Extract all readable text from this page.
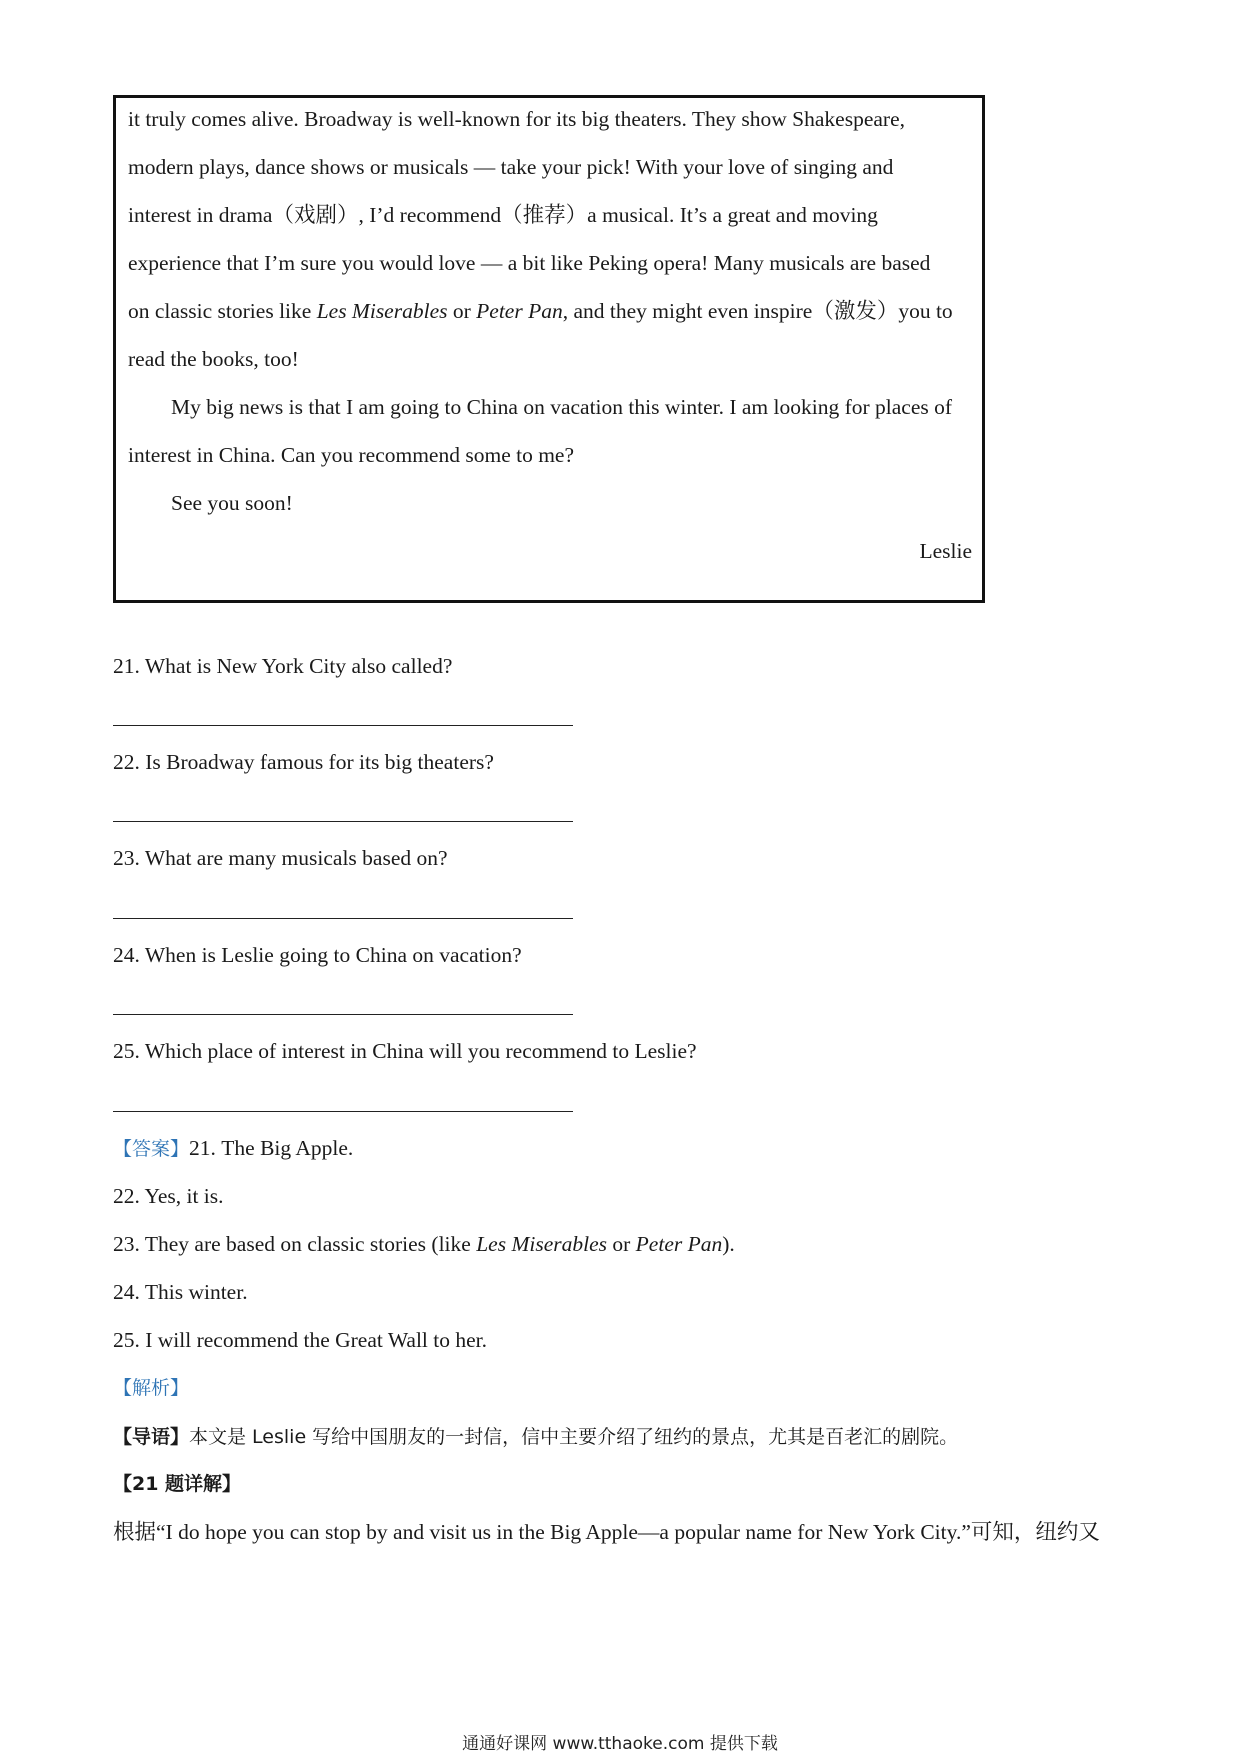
it truly comes alive. Broadway is well-known for its big theaters. They show Shakespeare,
modern plays, dance shows or musicals — take your pick! With your love of singing and
interest in drama（戏剧）, I’d recommend（推荐）a musical. It’s a great and moving
experience that I’m sure you would love — a bit like Peking opera! Many musicals are based
on classic stories like Les Miserables or Peter Pan, and they might even inspire（激发）you to
read the books, too!
My big news is that I am going to China on vacation this winter. I am looking for places of
interest in China. Can you recommend some to me?
See you soon!
Leslie
21. What is New York City also called?
22. Is Broadway famous for its big theaters?
23. What are many musicals based on?
24. When is Leslie going to China on vacation?
25. Which place of interest in China will you recommend to Leslie?
【答案】21. The Big Apple.
22. Yes, it is.
23. They are based on classic stories (like Les Miserables or Peter Pan).
24. This winter.
25. I will recommend the Great Wall to her.
【解析】
【导语】本文是 Leslie 写给中国朋友的一封信，信中主要介绍了纽约的景点，尤其是百老汇的剧院。
【21 题详解】
根据“I do hope you can stop by and visit us in the Big Apple—a popular name for New York City.”可知，纽约又
通通好课网 www.tthaoke.com 提供下载
